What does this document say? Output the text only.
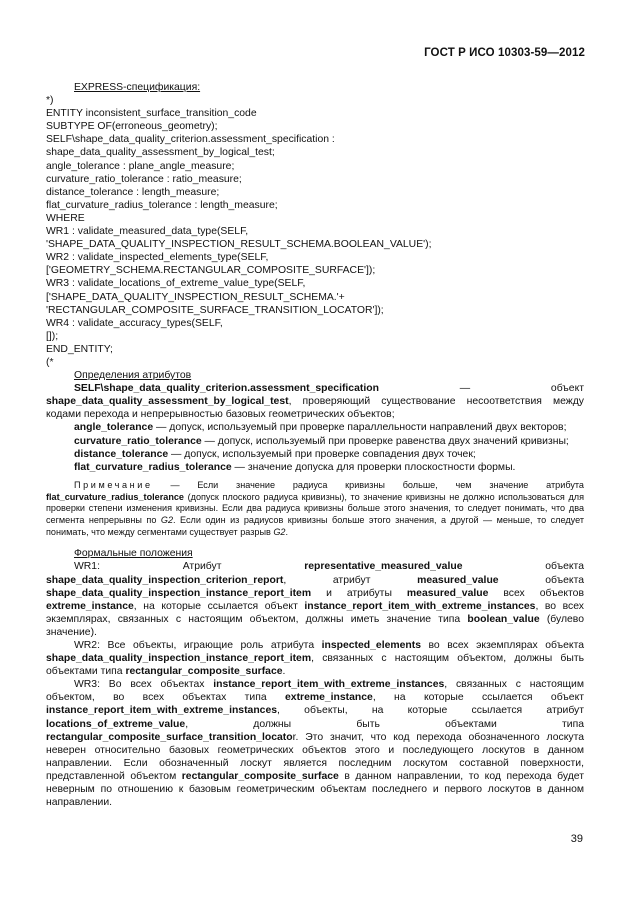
ГОСТ Р ИСО 10303-59—2012
EXPRESS-спецификация:
*)
ENTITY inconsistent_surface_transition_code
SUBTYPE OF(erroneous_geometry);
SELF\shape_data_quality_criterion.assessment_specification :
shape_data_quality_assessment_by_logical_test;
angle_tolerance : plane_angle_measure;
curvature_ratio_tolerance : ratio_measure;
distance_tolerance : length_measure;
flat_curvature_radius_tolerance : length_measure;
WHERE
WR1 : validate_measured_data_type(SELF,
'SHAPE_DATA_QUALITY_INSPECTION_RESULT_SCHEMA.BOOLEAN_VALUE');
WR2 : validate_inspected_elements_type(SELF,
['GEOMETRY_SCHEMA.RECTANGULAR_COMPOSITE_SURFACE']);
WR3 : validate_locations_of_extreme_value_type(SELF,
['SHAPE_DATA_QUALITY_INSPECTION_RESULT_SCHEMA.'+
'RECTANGULAR_COMPOSITE_SURFACE_TRANSITION_LOCATOR']);
WR4 : validate_accuracy_types(SELF,
[]);
END_ENTITY;
(*
Определения атрибутов
SELF\shape_data_quality_criterion.assessment_specification — объект shape_data_quality_assessment_by_logical_test, проверяющий существование несоответствия между кодами перехода и непрерывностью базовых геометрических объектов;
angle_tolerance — допуск, используемый при проверке параллельности направлений двух векторов;
curvature_ratio_tolerance — допуск, используемый при проверке равенства двух значений кривизны;
distance_tolerance — допуск, используемый при проверке совпадения двух точек;
flat_curvature_radius_tolerance — значение допуска для проверки плоскостности формы.
Примечание — Если значение радиуса кривизны больше, чем значение атрибута flat_curvature_radius_tolerance (допуск плоского радиуса кривизны), то значение кривизны не должно использоваться для проверки степени изменения кривизны. Если два радиуса кривизны больше этого значения, то следует понимать, что два сегмента непрерывны по G2. Если один из радиусов кривизны больше этого значения, а другой — меньше, то следует понимать, что между сегментами существует разрыв G2.
Формальные положения
WR1: Атрибут representative_measured_value объекта shape_data_quality_inspection_criterion_report, атрибут measured_value объекта shape_data_quality_inspection_instance_report_item и атрибуты measured_value всех объектов extreme_instance, на которые ссылается объект instance_report_item_with_extreme_instances, во всех экземплярах, связанных с настоящим объектом, должны иметь значение типа boolean_value (булево значение).
WR2: Все объекты, играющие роль атрибута inspected_elements во всех экземплярах объекта shape_data_quality_inspection_instance_report_item, связанных с настоящим объектом, должны быть объектами типа rectangular_composite_surface.
WR3: Во всех объектах instance_report_item_with_extreme_instances, связанных с настоящим объектом, во всех объектах типа extreme_instance, на которые ссылается объект instance_report_item_with_extreme_instances, объекты, на которые ссылается атрибут locations_of_extreme_value, должны быть объектами типа rectangular_composite_surface_transition_locator. Это значит, что код перехода обозначенного лоскута неверен относительно базовых геометрических объектов этого и последующего лоскутов в данном направлении. Если обозначенный лоскут является последним лоскутом составной поверхности, представленной объектом rectangular_composite_surface в данном направлении, то код перехода будет неверным по отношению к базовым геометрическим объектам последнего и первого лоскутов в данном направлении.
39
